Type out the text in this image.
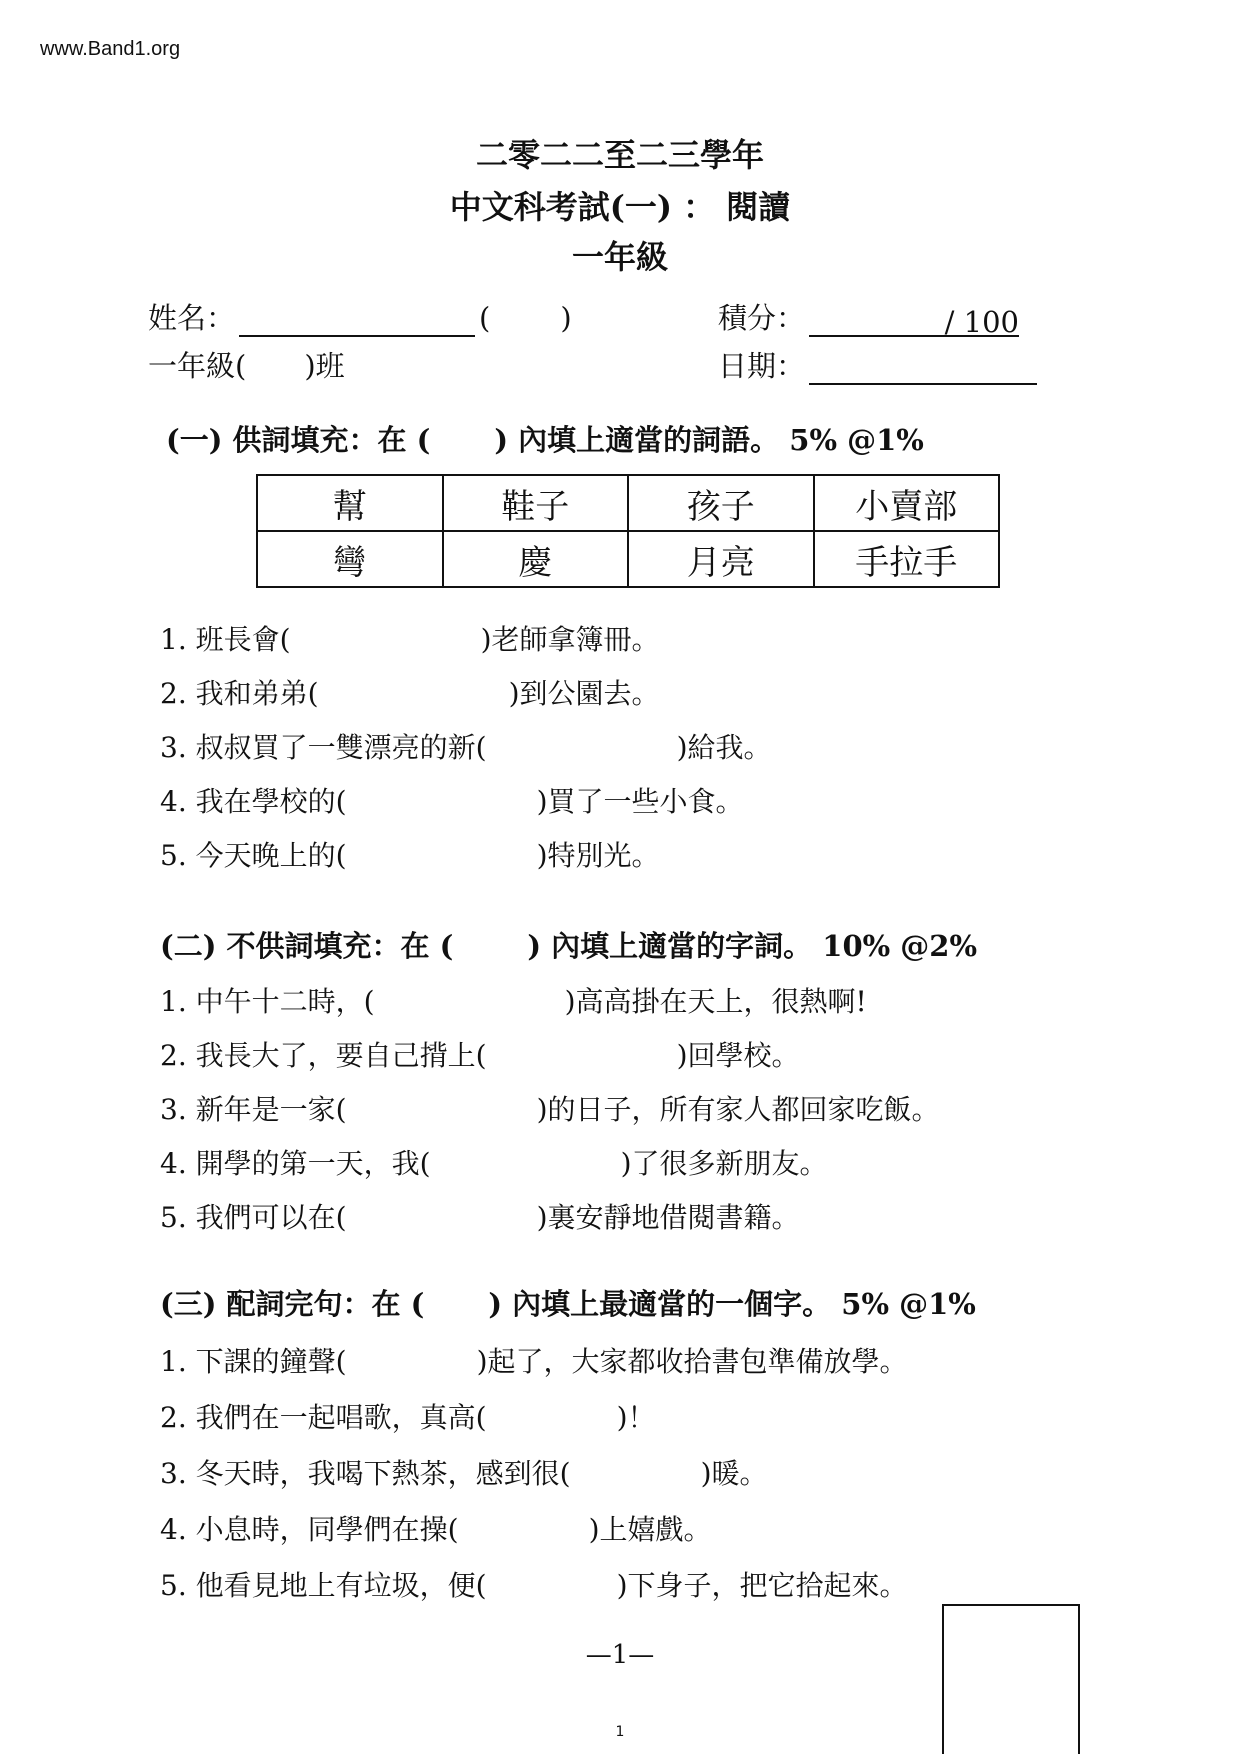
www.Band1.org
二零二二至二三學年
中文科考試(一) ： 閱讀
一年級
姓名：	( )	積分：	/ 100
一年級(　　)班	日期：
(一) 供詞填充：在 ( ) 內填上適當的詞語。 5% @1%
幫	鞋子	孩子	小賣部
彎	慶	月亮	手拉手
1. 班長會(	)老師拿簿冊。
2. 我和弟弟(	)到公園去。
3. 叔叔買了一雙漂亮的新(	)給我。
4. 我在學校的(	)買了一些小食。
5. 今天晚上的(	)特別光。
(二) 不供詞填充：在 (	) 內填上適當的字詞。 10% @2%
1. 中午十二時，(	)高高掛在天上，很熱啊!
2. 我長大了，要自己揹上(	)回學校。
3. 新年是一家(	)的日子，所有家人都回家吃飯。
4. 開學的第一天，我(	)了很多新朋友。
5. 我們可以在(	)裏安靜地借閱書籍。
(三) 配詞完句：在 ( ) 內填上最適當的一個字。 5% @1%
1. 下課的鐘聲(	)起了，大家都收拾書包準備放學。
2. 我們在一起唱歌，真高(	)！
3. 冬天時，我喝下熱茶，感到很(	)暖。
4. 小息時，同學們在操(	)上嬉戲。
5. 他看見地上有垃圾，便(	)下身子，把它拾起來。
—1—
1
